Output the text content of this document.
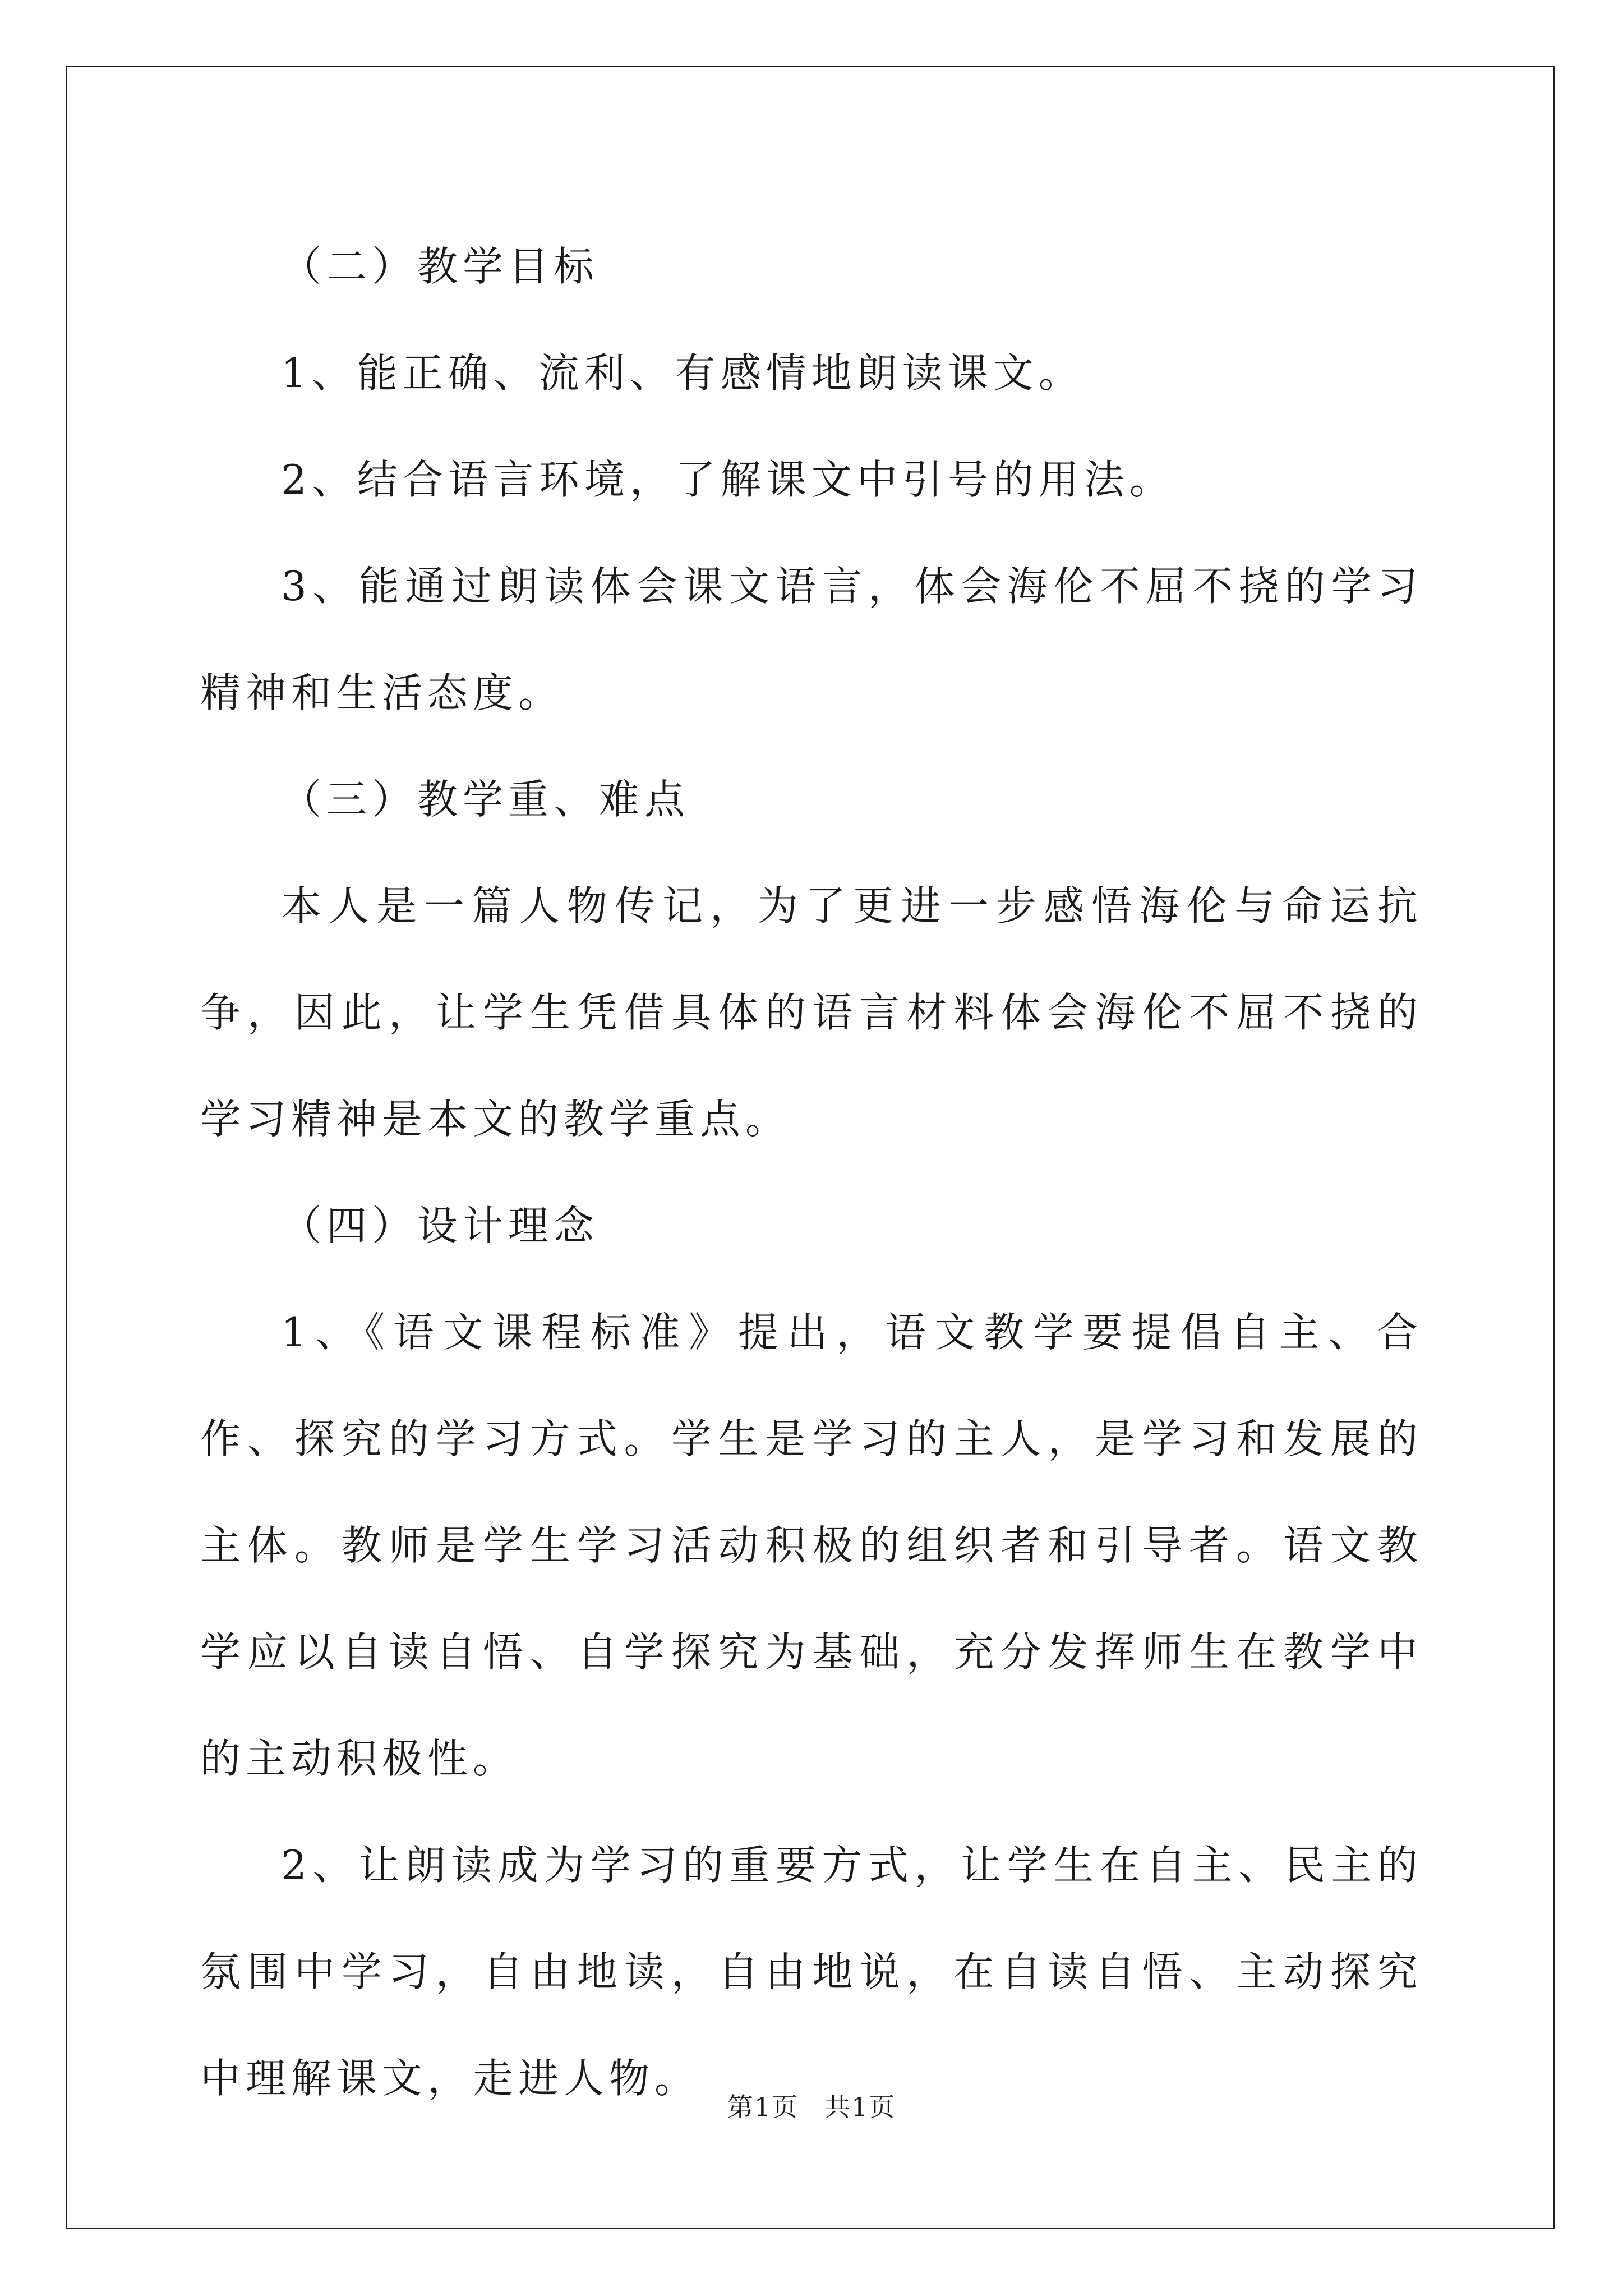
（二）教学目标

1、能正确、流利、有感情地朗读课文。

2、结合语言环境，了解课文中引号的用法。

3、能通过朗读体会课文语言，体会海伦不屈不挠的学习精神和生活态度。

（三）教学重、难点

本人是一篇人物传记，为了更进一步感悟海伦与命运抗争，因此，让学生凭借具体的语言材料体会海伦不屈不挠的学习精神是本文的教学重点。

（四）设计理念

1、《语文课程标准》提出，语文教学要提倡自主、合作、探究的学习方式。学生是学习的主人，是学习和发展的主体。教师是学生学习活动积极的组织者和引导者。语文教学应以自读自悟、自学探究为基础，充分发挥师生在教学中的主动积极性。

2、让朗读成为学习的重要方式，让学生在自主、民主的氛围中学习，自由地读，自由地说，在自读自悟、主动探究中理解课文，走进人物。

第1页 共1页
